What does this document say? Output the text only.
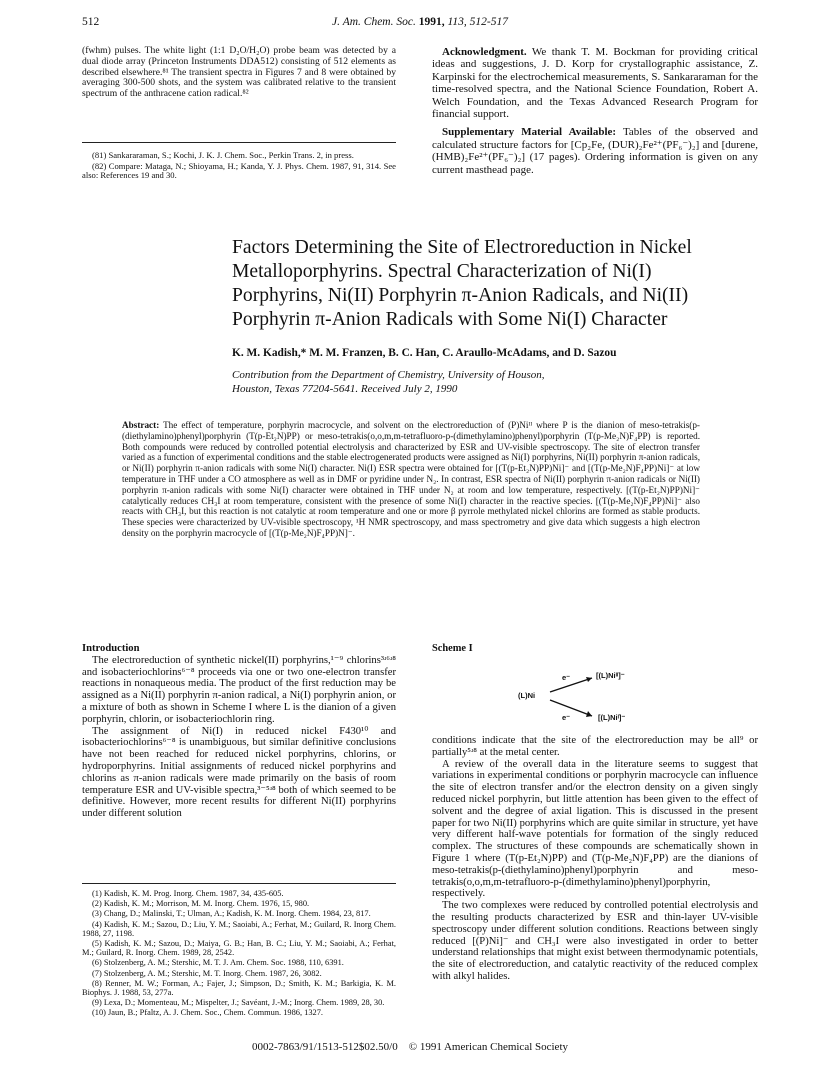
512	J. Am. Chem. Soc. 1991, 113, 512-517

(fwhm) pulses. The white light (1:1 D₂O/H₂O) probe beam was detected by a dual diode array (Princeton Instruments DDA512) consisting of 512 elements as described elsewhere.⁸¹ The transient spectra in Figures 7 and 8 were obtained by averaging 300-500 shots, and the system was calibrated relative to the transient spectrum of the anthracene cation radical.⁸²

(81) Sankararaman, S.; Kochi, J. K. J. Chem. Soc., Perkin Trans. 2, in press.

(82) Compare: Mataga, N.; Shioyama, H.; Kanda, Y. J. Phys. Chem. 1987, 91, 314. See also: References 19 and 30.

Acknowledgment. We thank T. M. Bockman for providing critical ideas and suggestions, J. D. Korp for crystallographic assistance, Z. Karpinski for the electrochemical measurements, S. Sankararaman for the time-resolved spectra, and the National Science Foundation, Robert A. Welch Foundation, and the Texas Advanced Research Program for financial support.

Supplementary Material Available: Tables of the observed and calculated structure factors for [Cp₂Fe, (DUR)₂Fe²⁺(PF₆⁻)₂] and [durene, (HMB)₂Fe²⁺(PF₆⁻)₂] (17 pages). Ordering information is given on any current masthead page.

Factors Determining the Site of Electroreduction in Nickel Metalloporphyrins. Spectral Characterization of Ni(I) Porphyrins, Ni(II) Porphyrin π-Anion Radicals, and Ni(II) Porphyrin π-Anion Radicals with Some Ni(I) Character
K. M. Kadish,* M. M. Franzen, B. C. Han, C. Araullo-McAdams, and D. Sazou
Contribution from the Department of Chemistry, University of Houson,
Houston, Texas 77204-5641. Received July 2, 1990
Abstract: The effect of temperature, porphyrin macrocycle, and solvent on the electroreduction of (P)Niᴵᴵ where P is the dianion of meso-tetrakis(p-(diethylamino)phenyl)porphyrin (T(p-Et₂N)PP) or meso-tetrakis(o,o,m,m-tetrafluoro-p-(dimethylamino)phenyl)porphyrin (T(p-Me₂N)F₄PP) is reported. Both compounds were reduced by controlled potential electrolysis and characterized by ESR and UV-visible spectroscopy. The site of electron transfer varied as a function of experimental conditions and the stable electrogenerated products were assigned as Ni(I) porphyrins, Ni(II) porphyrin π-anion radicals, or Ni(II) porphyrin π-anion radicals with some Ni(I) character. Ni(I) ESR spectra were obtained for [(T(p-Et₂N)PP)Ni]⁻ and [(T(p-Me₂N)F₄PP)Ni]⁻ at low temperature in THF under a CO atmosphere as well as in DMF or pyridine under N₂. In contrast, ESR spectra of Ni(II) porphyrin π-anion radicals or Ni(II) porphyrin π-anion radicals with some Ni(I) character were obtained in THF under N₂ at room and low temperature, respectively. [(T(p-Et₂N)PP)Ni]⁻ catalytically reduces CH₃I at room temperature, consistent with the presence of some Ni(I) character in the reactive species. [(T(p-Me₂N)F₄PP)Ni]⁻ also reacts with CH₃I, but this reaction is not catalytic at room temperature and one or more β pyrrole methylated nickel chlorins are formed as stable products. These species were characterized by UV-visible spectroscopy, ¹H NMR spectroscopy, and mass spectrometry and give data which suggests a high electron density on the porphyrin macrocycle of [(T(p-Me₂N)F₄PP)N]⁻.
Introduction

The electroreduction of synthetic nickel(II) porphyrins,¹⁻⁹ chlorins³ʴ⁶ʴ⁸ and isobacteriochlorins⁶⁻⁸ proceeds via one or two one-electron transfer reactions in nonaqueous media. The product of the first reduction may be assigned as a Ni(II) porphyrin π-anion radical, a Ni(I) porphyrin anion, or a mixture of both as shown in Scheme I where L is the dianion of a given porphyrin, chlorin, or isobacteriochlorin ring.

The assignment of Ni(I) in reduced nickel F430¹⁰ and isobacteriochlorins⁶⁻⁸ is unambiguous, but similar definitive conclusions have not been reached for reduced nickel porphyrins, chlorins, or hydroporphyrins. Initial assignments of reduced nickel porphyrins and chlorins as π-anion radicals were made primarily on the basis of room temperature ESR and UV-visible spectra,³⁻⁵ʴ⁸ both of which seemed to be definitive. However, more recent results for different Ni(II) porphyrins under different solution

(1) Kadish, K. M. Prog. Inorg. Chem. 1987, 34, 435-605.

(2) Kadish, K. M.; Morrison, M. M. Inorg. Chem. 1976, 15, 980.

(3) Chang, D.; Malinski, T.; Ulman, A.; Kadish, K. M. Inorg. Chem. 1984, 23, 817.

(4) Kadish, K. M.; Sazou, D.; Liu, Y. M.; Saoiabi, A.; Ferhat, M.; Guilard, R. Inorg Chem. 1988, 27, 1198.

(5) Kadish, K. M.; Sazou, D.; Maiya, G. B.; Han, B. C.; Liu, Y. M.; Saoiabi, A.; Ferhat, M.; Guilard, R. Inorg. Chem. 1989, 28, 2542.

(6) Stolzenberg, A. M.; Stershic, M. T. J. Am. Chem. Soc. 1988, 110, 6391.

(7) Stolzenberg, A. M.; Stershic, M. T. Inorg. Chem. 1987, 26, 3082.

(8) Renner, M. W.; Forman, A.; Fajer, J.; Simpson, D.; Smith, K. M.; Barkigia, K. M. Biophys. J. 1988, 53, 277a.

(9) Lexa, D.; Momenteau, M.; Mispelter, J.; Savéant, J.-M.; Inorg. Chem. 1989, 28, 30.

(10) Jaun, B.; Pfaltz, A. J. Chem. Soc., Chem. Commun. 1986, 1327.

Scheme I
(L)Ni
e⁻	[(L)Niᴵᴵ]⁻
e⁻	[(L)Niᴵ]⁻

conditions indicate that the site of the electroreduction may be all⁹ or partially⁵ʴ⁸ at the metal center.

A review of the overall data in the literature seems to suggest that variations in experimental conditions or porphyrin macrocycle can influence the site of electron transfer and/or the electron density on a given singly reduced nickel porphyrin, but little attention has been given to the effect of solvent and the degree of axial ligation. This is discussed in the present paper for two Ni(II) porphyrins which are quite similar in structure, yet have very different half-wave potentials for formation of the singly reduced complex. The structures of these compounds are schematically shown in Figure 1 where (T(p-Et₂N)PP) and (T(p-Me₂N)F₄PP) are the dianions of meso-tetrakis(p-(diethylamino)phenyl)porphyrin and meso-tetrakis(o,o,m,m-tetrafluoro-p-(dimethylamino)phenyl)porphyrin, respectively.

The two complexes were reduced by controlled potential electrolysis and the resulting products characterized by ESR and thin-layer UV-visible spectroscopy under different solution conditions. Reactions between singly reduced [(P)Ni]⁻ and CH₃I were also investigated in order to better understand relationships that might exist between thermodynamic potentials, the site of electroreduction, and catalytic reactivity of the reduced complex with alkyl halides.

0002-7863/91/1513-512$02.50/0 © 1991 American Chemical Society
